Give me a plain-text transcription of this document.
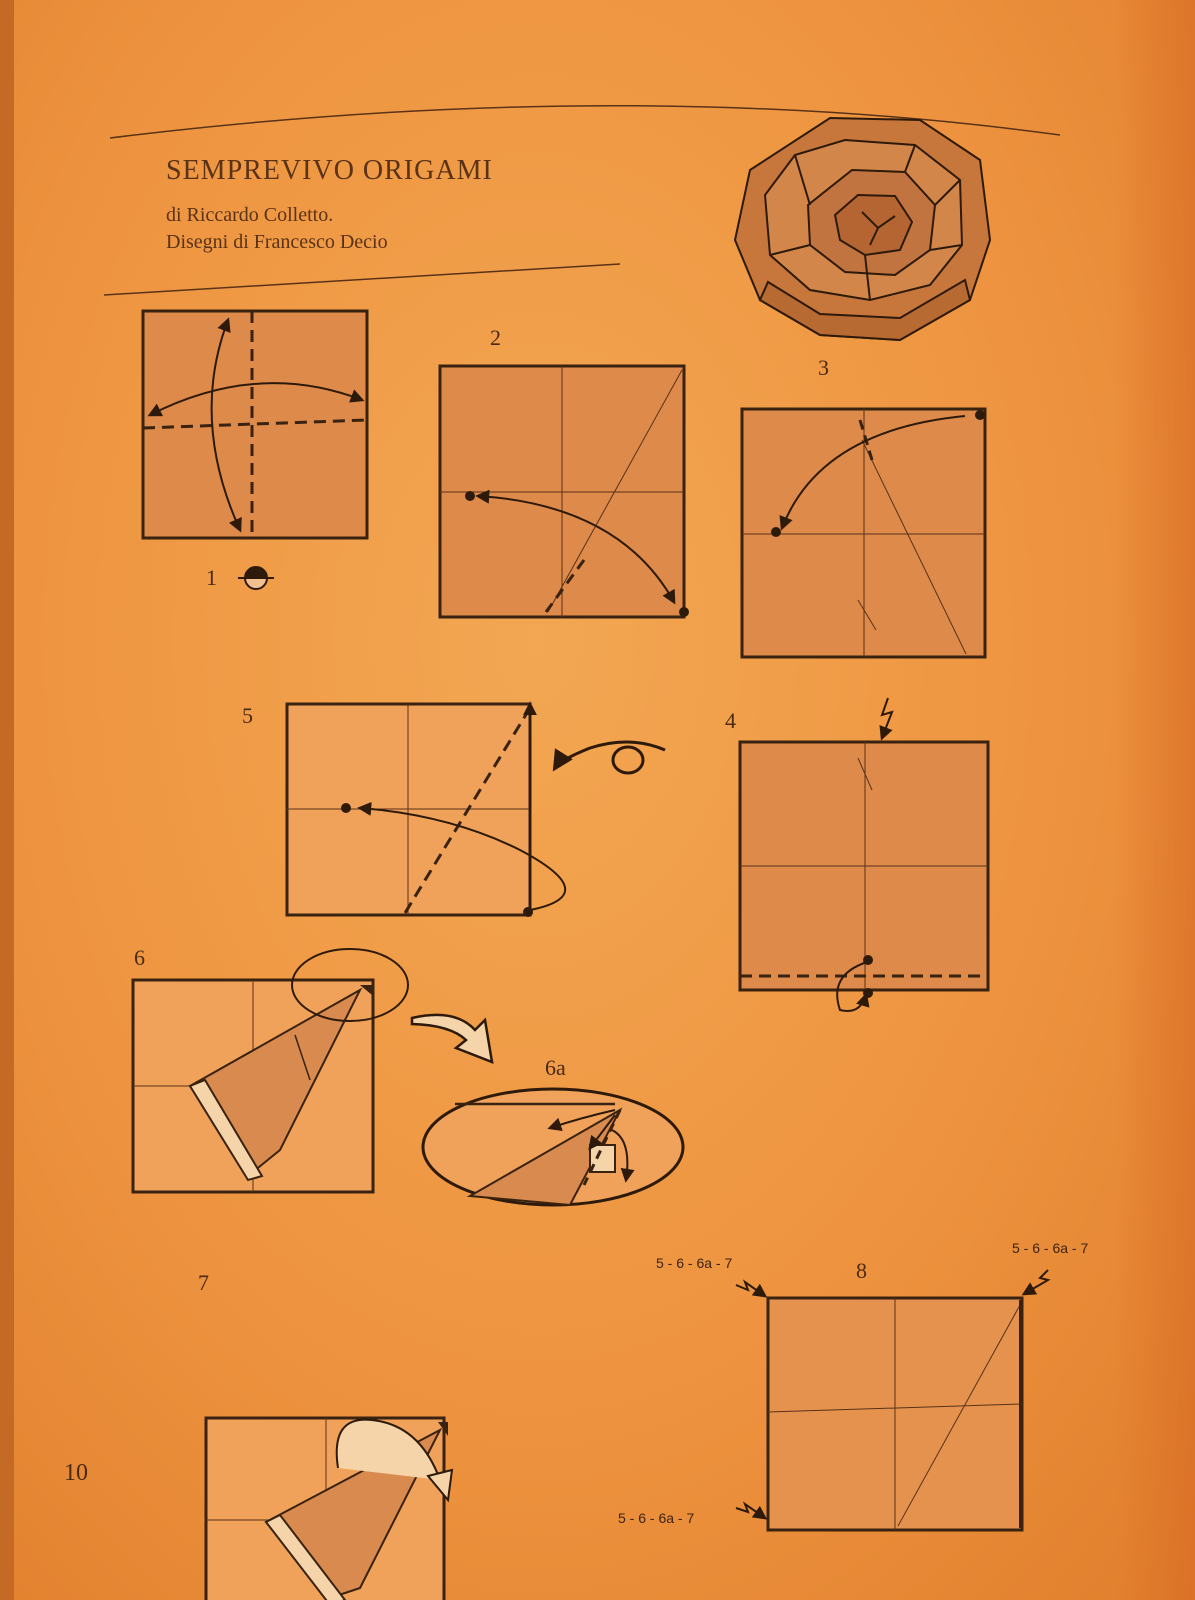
SEMPREVIVO ORIGAMI
di Riccardo Colletto.
Disegni di Francesco Decio
1
2
3
5	4
6
6a
7	8
5 - 6 - 6a - 7
5 - 6 - 6a - 7
5 - 6 - 6a - 7
10
